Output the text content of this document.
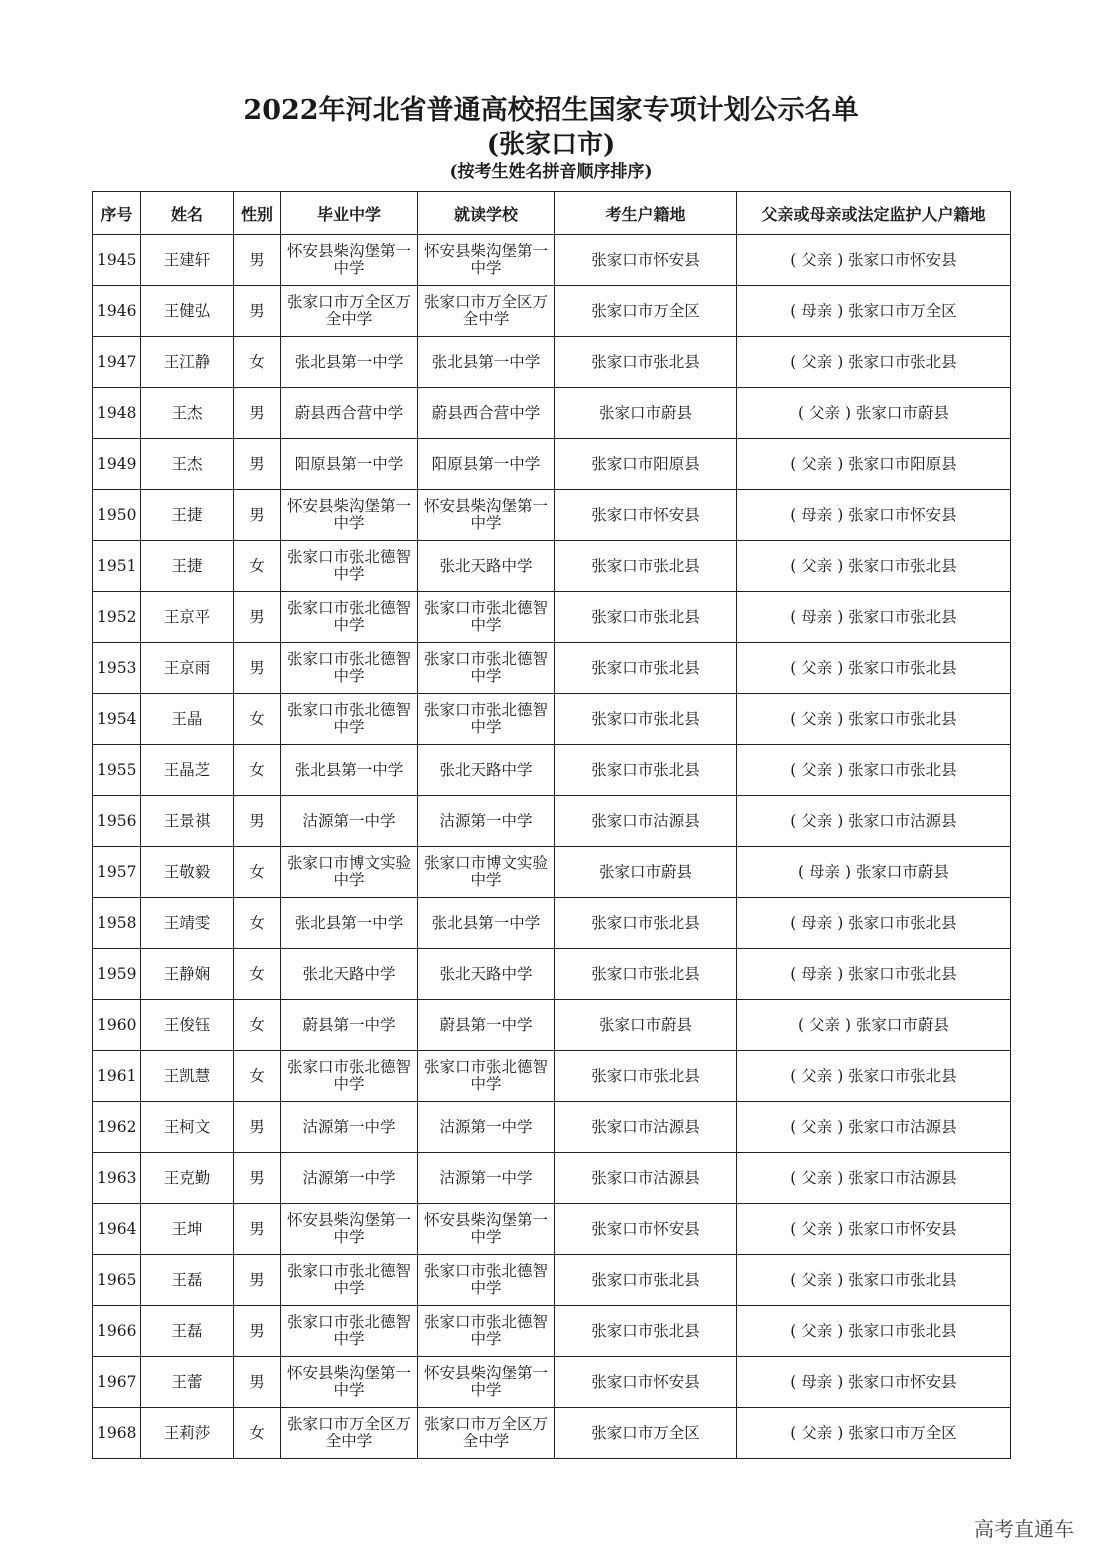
2022年河北省普通高校招生国家专项计划公示名单
(张家口市)
(按考生姓名拼音顺序排序)
序号	姓名	性别	毕业中学	就读学校	考生户籍地	父亲或母亲或法定监护人户籍地
1945	王建轩	男	怀安县柴沟堡第一中学	怀安县柴沟堡第一中学	张家口市怀安县	( 父亲 ) 张家口市怀安县
1946	王健弘	男	张家口市万全区万全中学	张家口市万全区万全中学	张家口市万全区	( 母亲 ) 张家口市万全区
1947	王江静	女	张北县第一中学	张北县第一中学	张家口市张北县	( 父亲 ) 张家口市张北县
1948	王杰	男	蔚县西合营中学	蔚县西合营中学	张家口市蔚县	( 父亲 ) 张家口市蔚县
1949	王杰	男	阳原县第一中学	阳原县第一中学	张家口市阳原县	( 父亲 ) 张家口市阳原县
1950	王捷	男	怀安县柴沟堡第一中学	怀安县柴沟堡第一中学	张家口市怀安县	( 母亲 ) 张家口市怀安县
1951	王捷	女	张家口市张北德智中学	张北天路中学	张家口市张北县	( 父亲 ) 张家口市张北县
1952	王京平	男	张家口市张北德智中学	张家口市张北德智中学	张家口市张北县	( 母亲 ) 张家口市张北县
1953	王京雨	男	张家口市张北德智中学	张家口市张北德智中学	张家口市张北县	( 父亲 ) 张家口市张北县
1954	王晶	女	张家口市张北德智中学	张家口市张北德智中学	张家口市张北县	( 父亲 ) 张家口市张北县
1955	王晶芝	女	张北县第一中学	张北天路中学	张家口市张北县	( 父亲 ) 张家口市张北县
1956	王景祺	男	沽源第一中学	沽源第一中学	张家口市沽源县	( 父亲 ) 张家口市沽源县
1957	王敬毅	女	张家口市博文实验中学	张家口市博文实验中学	张家口市蔚县	( 母亲 ) 张家口市蔚县
1958	王靖雯	女	张北县第一中学	张北县第一中学	张家口市张北县	( 母亲 ) 张家口市张北县
1959	王静娴	女	张北天路中学	张北天路中学	张家口市张北县	( 母亲 ) 张家口市张北县
1960	王俊钰	女	蔚县第一中学	蔚县第一中学	张家口市蔚县	( 父亲 ) 张家口市蔚县
1961	王凯慧	女	张家口市张北德智中学	张家口市张北德智中学	张家口市张北县	( 父亲 ) 张家口市张北县
1962	王柯文	男	沽源第一中学	沽源第一中学	张家口市沽源县	( 父亲 ) 张家口市沽源县
1963	王克勤	男	沽源第一中学	沽源第一中学	张家口市沽源县	( 父亲 ) 张家口市沽源县
1964	王坤	男	怀安县柴沟堡第一中学	怀安县柴沟堡第一中学	张家口市怀安县	( 父亲 ) 张家口市怀安县
1965	王磊	男	张家口市张北德智中学	张家口市张北德智中学	张家口市张北县	( 父亲 ) 张家口市张北县
1966	王磊	男	张家口市张北德智中学	张家口市张北德智中学	张家口市张北县	( 父亲 ) 张家口市张北县
1967	王蕾	男	怀安县柴沟堡第一中学	怀安县柴沟堡第一中学	张家口市怀安县	( 母亲 ) 张家口市怀安县
1968	王莉莎	女	张家口市万全区万全中学	张家口市万全区万全中学	张家口市万全区	( 父亲 ) 张家口市万全区
高考直通车
